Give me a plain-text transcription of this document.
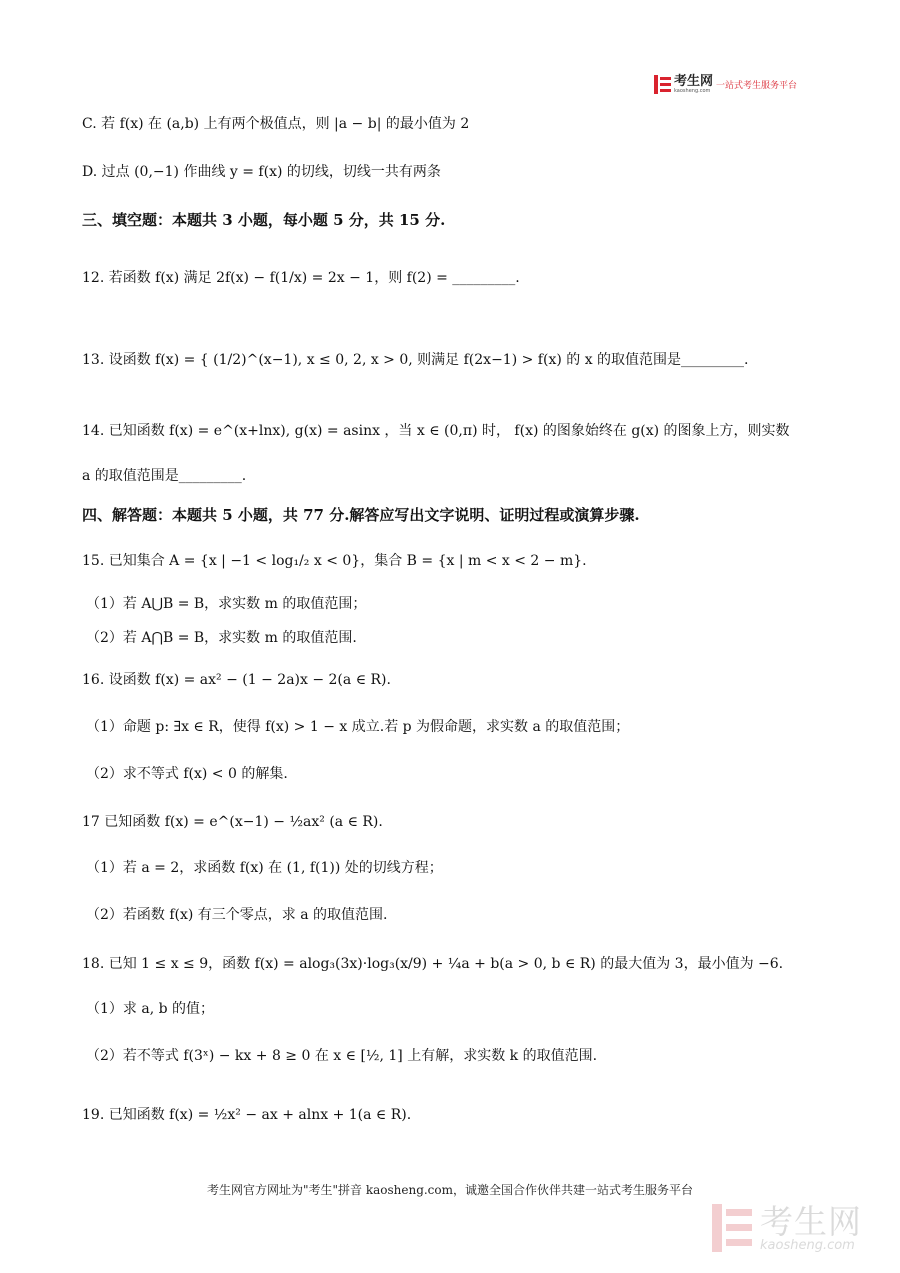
考生网
kaosheng.com 一站式考生服务平台
C. 若 f(x) 在 (a,b) 上有两个极值点，则 |a − b| 的最小值为 2
D. 过点 (0,−1) 作曲线 y = f(x) 的切线，切线一共有两条
三、填空题：本题共 3 小题，每小题 5 分，共 15 分.
12. 若函数 f(x) 满足 2f(x) − f(1/x) = 2x − 1，则 f(2) = _________.
13. 设函数 f(x) = { (1/2)^(x−1), x ≤ 0, 2, x > 0, 则满足 f(2x−1) > f(x) 的 x 的取值范围是_________.
14. 已知函数 f(x) = e^(x+lnx), g(x) = asinx ，当 x ∈ (0,π) 时， f(x) 的图象始终在 g(x) 的图象上方，则实数
a 的取值范围是_________.
四、解答题：本题共 5 小题，共 77 分.解答应写出文字说明、证明过程或演算步骤.
15. 已知集合 A = {x | −1 < log₁/₂ x < 0}，集合 B = {x | m < x < 2 − m}.
（1）若 A⋃B = B，求实数 m 的取值范围；
（2）若 A⋂B = B，求实数 m 的取值范围.
16. 设函数 f(x) = ax² − (1 − 2a)x − 2(a ∈ R).
（1）命题 p: ∃x ∈ R，使得 f(x) > 1 − x 成立.若 p 为假命题，求实数 a 的取值范围；
（2）求不等式 f(x) < 0 的解集.
17 已知函数 f(x) = e^(x−1) − ½ax² (a ∈ R).
（1）若 a = 2，求函数 f(x) 在 (1, f(1)) 处的切线方程；
（2）若函数 f(x) 有三个零点，求 a 的取值范围.
18. 已知 1 ≤ x ≤ 9，函数 f(x) = alog₃(3x)·log₃(x/9) + ¼a + b(a > 0, b ∈ R) 的最大值为 3，最小值为 −6.
（1）求 a, b 的值；
（2）若不等式 f(3ˣ) − kx + 8 ≥ 0 在 x ∈ [½, 1] 上有解，求实数 k 的取值范围.
19. 已知函数 f(x) = ½x² − ax + alnx + 1(a ∈ R).
考生网官方网址为"考生"拼音 kaosheng.com，诚邀全国合作伙伴共建一站式考生服务平台
考生网
kaosheng.com
